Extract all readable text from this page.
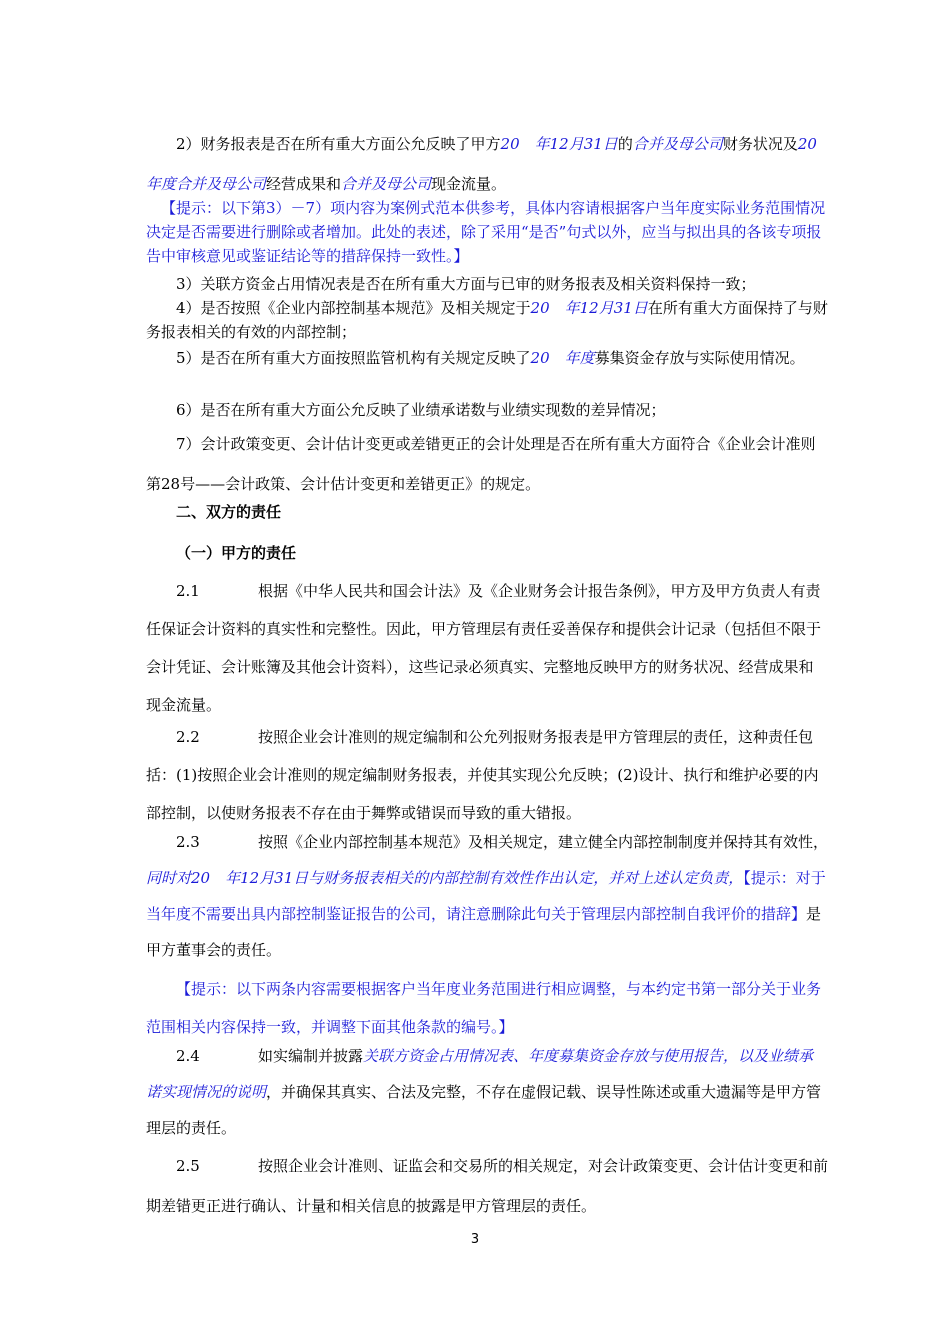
2）财务报表是否在所有重大方面公允反映了甲方20　年12月31日的合并及母公司财务状况及20　年度合并及母公司经营成果和合并及母公司现金流量。

【提示：以下第3）－7）项内容为案例式范本供参考，具体内容请根据客户当年度实际业务范围情况决定是否需要进行删除或者增加。此处的表述，除了采用“是否”句式以外，应当与拟出具的各该专项报告中审核意见或鉴证结论等的措辞保持一致性。】

3）关联方资金占用情况表是否在所有重大方面与已审的财务报表及相关资料保持一致；

4）是否按照《企业内部控制基本规范》及相关规定于20　年12月31日在所有重大方面保持了与财务报表相关的有效的内部控制；

5）是否在所有重大方面按照监管机构有关规定反映了20　年度募集资金存放与实际使用情况。

6）是否在所有重大方面公允反映了业绩承诺数与业绩实现数的差异情况；

7）会计政策变更、会计估计变更或差错更正的会计处理是否在所有重大方面符合《企业会计准则第28号——会计政策、会计估计变更和差错更正》的规定。

二、双方的责任

（一）甲方的责任

2.1	根据《中华人民共和国会计法》及《企业财务会计报告条例》，甲方及甲方负责人有责任保证会计资料的真实性和完整性。因此，甲方管理层有责任妥善保存和提供会计记录（包括但不限于会计凭证、会计账簿及其他会计资料），这些记录必须真实、完整地反映甲方的财务状况、经营成果和现金流量。

2.2	按照企业会计准则的规定编制和公允列报财务报表是甲方管理层的责任，这种责任包括：(1)按照企业会计准则的规定编制财务报表，并使其实现公允反映；(2)设计、执行和维护必要的内部控制，以使财务报表不存在由于舞弊或错误而导致的重大错报。

2.3	按照《企业内部控制基本规范》及相关规定，建立健全内部控制制度并保持其有效性，同时对20　年12月31日与财务报表相关的内部控制有效性作出认定，并对上述认定负责，【提示：对于当年度不需要出具内部控制鉴证报告的公司，请注意删除此句关于管理层内部控制自我评价的措辞】是甲方董事会的责任。

【提示：以下两条内容需要根据客户当年度业务范围进行相应调整，与本约定书第一部分关于业务范围相关内容保持一致，并调整下面其他条款的编号。】

2.4	如实编制并披露关联方资金占用情况表、年度募集资金存放与使用报告，以及业绩承诺实现情况的说明，并确保其真实、合法及完整，不存在虚假记载、误导性陈述或重大遗漏等是甲方管理层的责任。

2.5	按照企业会计准则、证监会和交易所的相关规定，对会计政策变更、会计估计变更和前期差错更正进行确认、计量和相关信息的披露是甲方管理层的责任。

3
